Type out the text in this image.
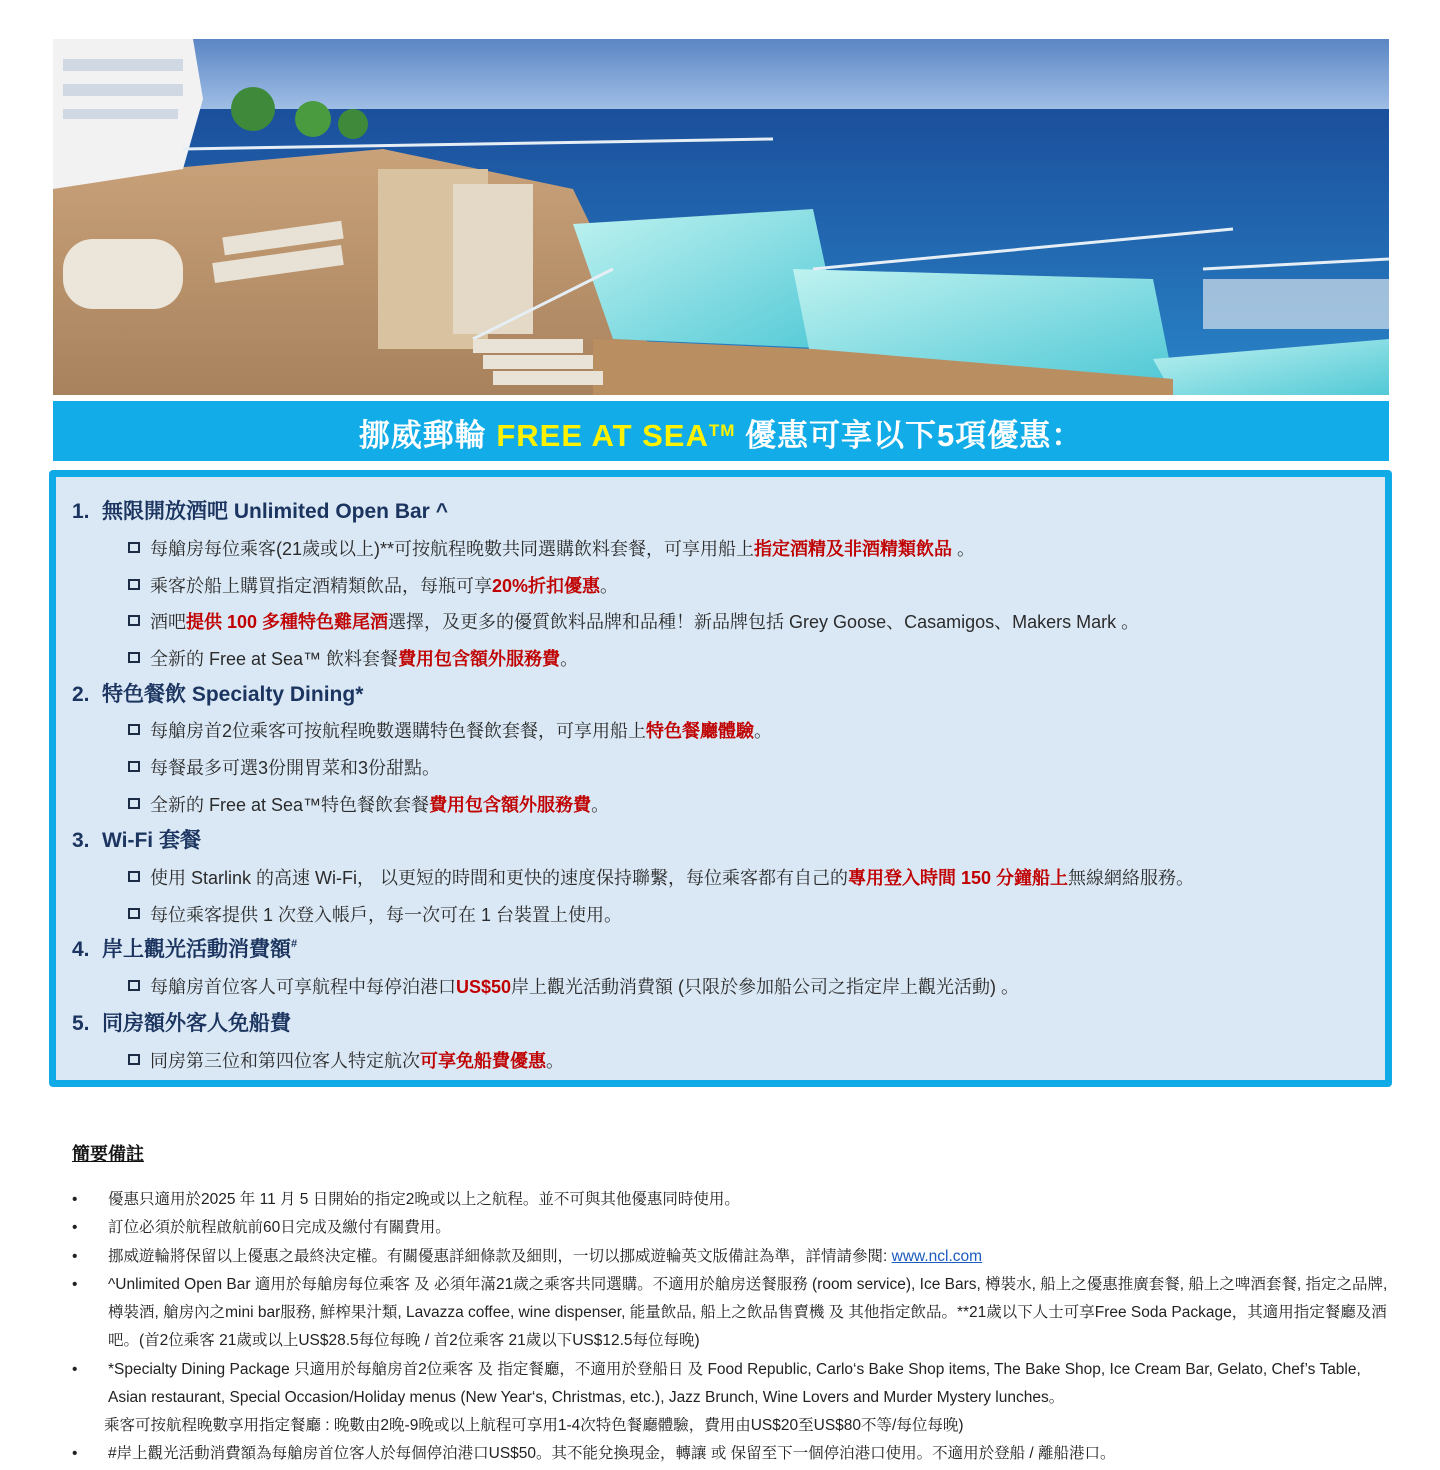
挪威郵輪 FREE AT SEA™ 優惠可享以下5項優惠：
1. 無限開放酒吧 Unlimited Open Bar ^
每艙房每位乘客(21歲或以上)**可按航程晚數共同選購飲料套餐，可享用船上指定酒精及非酒精類飲品 。
乘客於船上購買指定酒精類飲品，每瓶可享20%折扣優惠。
酒吧提供 100 多種特色雞尾酒選擇，及更多的優質飲料品牌和品種！新品牌包括 Grey Goose、Casamigos、Makers Mark 。
全新的 Free at Sea™ 飲料套餐費用包含額外服務費。
2. 特色餐飲 Specialty Dining*
每艙房首2位乘客可按航程晚數選購特色餐飲套餐，可享用船上特色餐廳體驗。
每餐最多可選3份開胃菜和3份甜點。
全新的 Free at Sea™特色餐飲套餐費用包含額外服務費。
3. Wi-Fi 套餐
使用 Starlink 的高速 Wi-Fi， 以更短的時間和更快的速度保持聯繫，每位乘客都有自己的專用登入時間 150 分鐘船上無線網絡服務。
每位乘客提供 1 次登入帳戶，每一次可在 1 台裝置上使用。
4. 岸上觀光活動消費額#
每艙房首位客人可享航程中每停泊港口US$50岸上觀光活動消費額 (只限於參加船公司之指定岸上觀光活動) 。
5. 同房額外客人免船費
同房第三位和第四位客人特定航次可享免船費優惠。
簡要備註
• 優惠只適用於2025 年 11 月 5 日開始的指定2晚或以上之航程。並不可與其他優惠同時使用。
• 訂位必須於航程啟航前60日完成及繳付有關費用。
• 挪威遊輪將保留以上優惠之最終決定權。有關優惠詳細條款及細則，一切以挪威遊輪英文版備註為準，詳情請參閱: www.ncl.com
• ^Unlimited Open Bar 適用於每艙房每位乘客 及 必須年滿21歲之乘客共同選購。不適用於艙房送餐服務 (room service), Ice Bars, 樽裝水, 船上之優惠推廣套餐, 船上之啤酒套餐, 指定之品牌, 樽裝酒, 艙房內之mini bar服務, 鮮榨果汁類, Lavazza coffee, wine dispenser, 能量飲品, 船上之飲品售賣機 及 其他指定飲品。**21歲以下人士可享Free Soda Package，其適用指定餐廳及酒吧。(首2位乘客 21歲或以上US$28.5每位每晚 / 首2位乘客 21歲以下US$12.5每位每晚)
• *Specialty Dining Package 只適用於每艙房首2位乘客 及 指定餐廳，不適用於登船日 及 Food Republic, Carlo‘s Bake Shop items, The Bake Shop, Ice Cream Bar, Gelato, Chef’s Table, Asian restaurant, Special Occasion/Holiday menus (New Year‘s, Christmas, etc.), Jazz Brunch, Wine Lovers and Murder Mystery lunches。
乘客可按航程晚數享用指定餐廳 : 晚數由2晚-9晚或以上航程可享用1-4次特色餐廳體驗，費用由US$20至US$80不等/每位每晚)
• #岸上觀光活動消費額為每艙房首位客人於每個停泊港口US$50。其不能兌換現金，轉讓 或 保留至下一個停泊港口使用。不適用於登船 / 離船港口。
